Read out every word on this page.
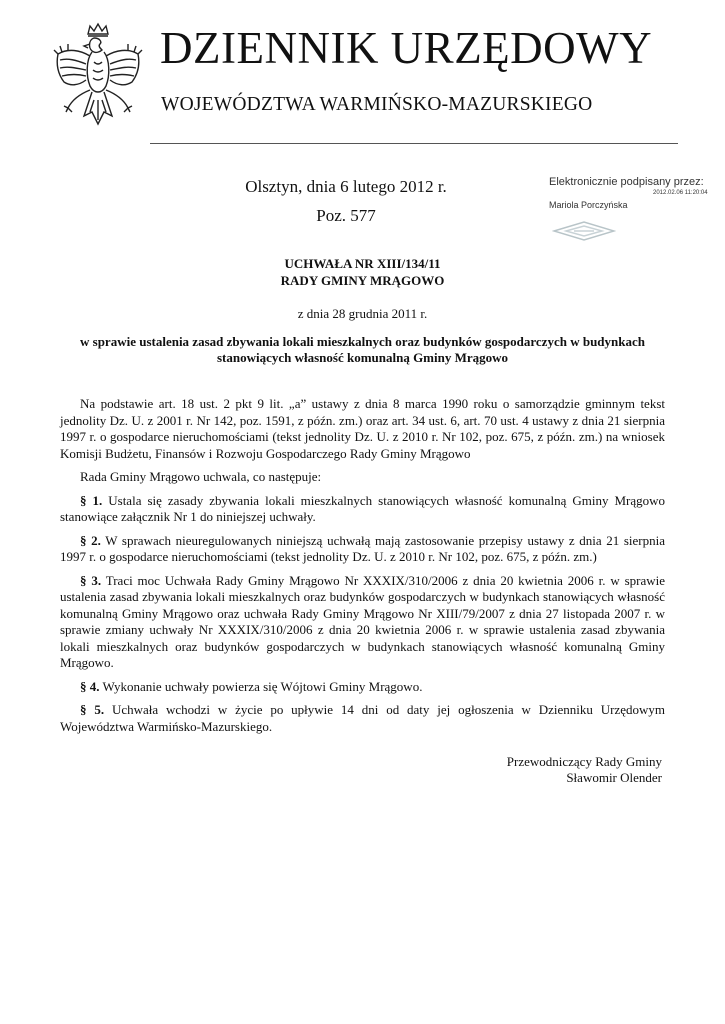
DZIENNIK URZĘDOWY
WOJEWÓDZTWA WARMIŃSKO-MAZURSKIEGO
Olsztyn, dnia 6 lutego 2012 r.
Poz. 577
Elektronicznie podpisany przez:
2012.02.06 11:20:04
Mariola Porczyńska
UCHWAŁA NR XIII/134/11
RADY GMINY MRĄGOWO
z dnia 28 grudnia 2011 r.
w sprawie ustalenia zasad zbywania lokali mieszkalnych oraz budynków gospodarczych w budynkach stanowiących własność komunalną Gminy Mrągowo

Na podstawie art. 18 ust. 2 pkt 9 lit. „a” ustawy z dnia 8 marca 1990 roku o samorządzie gminnym tekst jednolity Dz. U. z 2001 r. Nr 142, poz. 1591, z późn. zm.) oraz art. 34 ust. 6, art. 70 ust. 4 ustawy z dnia 21 sierpnia 1997 r. o gospodarce nieruchomościami (tekst jednolity Dz. U. z 2010 r. Nr 102, poz. 675, z późn. zm.) na wniosek Komisji Budżetu, Finansów i Rozwoju Gospodarczego Rady Gminy Mrągowo

Rada Gminy Mrągowo uchwala, co następuje:

§ 1. Ustala się zasady zbywania lokali mieszkalnych stanowiących własność komunalną Gminy Mrągowo stanowiące załącznik Nr 1 do niniejszej uchwały.

§ 2. W sprawach nieuregulowanych niniejszą uchwałą mają zastosowanie przepisy ustawy z dnia 21 sierpnia 1997 r. o gospodarce nieruchomościami (tekst jednolity Dz. U. z 2010 r. Nr 102, poz. 675, z późn. zm.)

§ 3. Traci moc Uchwała Rady Gminy Mrągowo Nr XXXIX/310/2006 z dnia 20 kwietnia 2006 r. w sprawie ustalenia zasad zbywania lokali mieszkalnych oraz budynków gospodarczych w budynkach stanowiących własność komunalną Gminy Mrągowo oraz uchwała Rady Gminy Mrągowo Nr XIII/79/2007 z dnia 27 listopada 2007 r. w sprawie zmiany uchwały Nr XXXIX/310/2006 z dnia 20 kwietnia 2006 r. w sprawie ustalenia zasad zbywania lokali mieszkalnych oraz budynków gospodarczych w budynkach stanowiących własność komunalną Gminy Mrągowo.

§ 4. Wykonanie uchwały powierza się Wójtowi Gminy Mrągowo.

§ 5. Uchwała wchodzi w życie po upływie 14 dni od daty jej ogłoszenia w Dzienniku Urzędowym Województwa Warmińsko-Mazurskiego.

Przewodniczący Rady Gminy
Sławomir Olender
